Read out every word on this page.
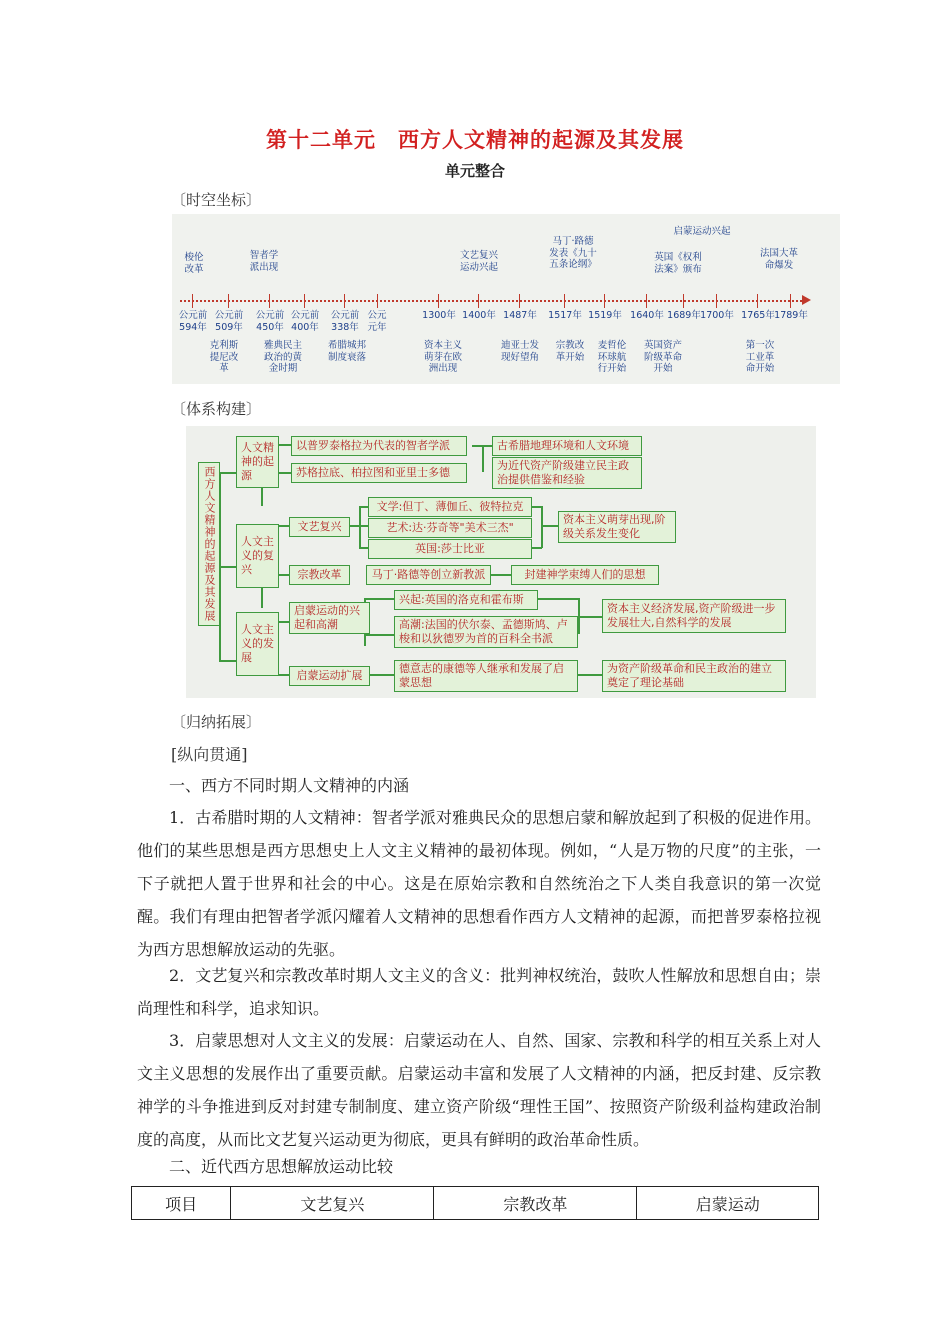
第十二单元　西方人文精神的起源及其发展
单元整合
〔时空坐标〕
梭伦
改革
智者学
派出现
文艺复兴
运动兴起
马丁·路德
发表《九十
五条论纲》
启蒙运动兴起
英国《权利
法案》颁布
法国大革
命爆发
公元前
594年
公元前
509年
公元前
450年
公元前
400年
公元前
338年
公元
元年
1300年 1400年 1487年 1517年 1519年 1640年 1689年 1700年 1765年 1789年
克利斯
提尼改
革
雅典民主
政治的黄
金时期
希腊城邦
制度衰落
资本主义
萌芽在欧
洲出现
迪亚士发
现好望角
宗教改
革开始
麦哲伦
环球航
行开始
英国资产
阶级革命
开始
第一次
工业革
命开始
〔体系构建〕
西方人文精神的起源及其发展
人文精神的起源
人文主义的复兴
人文主义的发展
以普罗泰格拉为代表的智者学派	古希腊地理环境和人文环境
苏格拉底、柏拉图和亚里士多德
为近代资产阶级建立民主政治提供借鉴和经验
文艺复兴
文学:但丁、薄伽丘、彼特拉克
艺术:达·芬奇等"美术三杰"
英国:莎士比亚
资本主义萌芽出现,阶级关系发生变化
宗教改革	马丁·路德等创立新教派	封建神学束缚人们的思想
启蒙运动的兴起和高潮
兴起:英国的洛克和霍布斯
高潮:法国的伏尔泰、孟德斯鸠、卢梭和以狄德罗为首的百科全书派
资本主义经济发展,资产阶级进一步发展壮大,自然科学的发展
启蒙运动扩展
德意志的康德等人继承和发展了启蒙思想
为资产阶级革命和民主政治的建立奠定了理论基础
〔归纳拓展〕
[纵向贯通]
一、西方不同时期人文精神的内涵
1．古希腊时期的人文精神：智者学派对雅典民众的思想启蒙和解放起到了积极的促进作用。他们的某些思想是西方思想史上人文主义精神的最初体现。例如，“人是万物的尺度”的主张，一下子就把人置于世界和社会的中心。这是在原始宗教和自然统治之下人类自我意识的第一次觉醒。我们有理由把智者学派闪耀着人文精神的思想看作西方人文精神的起源，而把普罗泰格拉视为西方思想解放运动的先驱。
2．文艺复兴和宗教改革时期人文主义的含义：批判神权统治，鼓吹人性解放和思想自由；崇尚理性和科学，追求知识。
3．启蒙思想对人文主义的发展：启蒙运动在人、自然、国家、宗教和科学的相互关系上对人文主义思想的发展作出了重要贡献。启蒙运动丰富和发展了人文精神的内涵，把反封建、反宗教神学的斗争推进到反对封建专制制度、建立资产阶级“理性王国”、按照资产阶级利益构建政治制度的高度，从而比文艺复兴运动更为彻底，更具有鲜明的政治革命性质。
二、近代西方思想解放运动比较
项目	文艺复兴	宗教改革	启蒙运动
